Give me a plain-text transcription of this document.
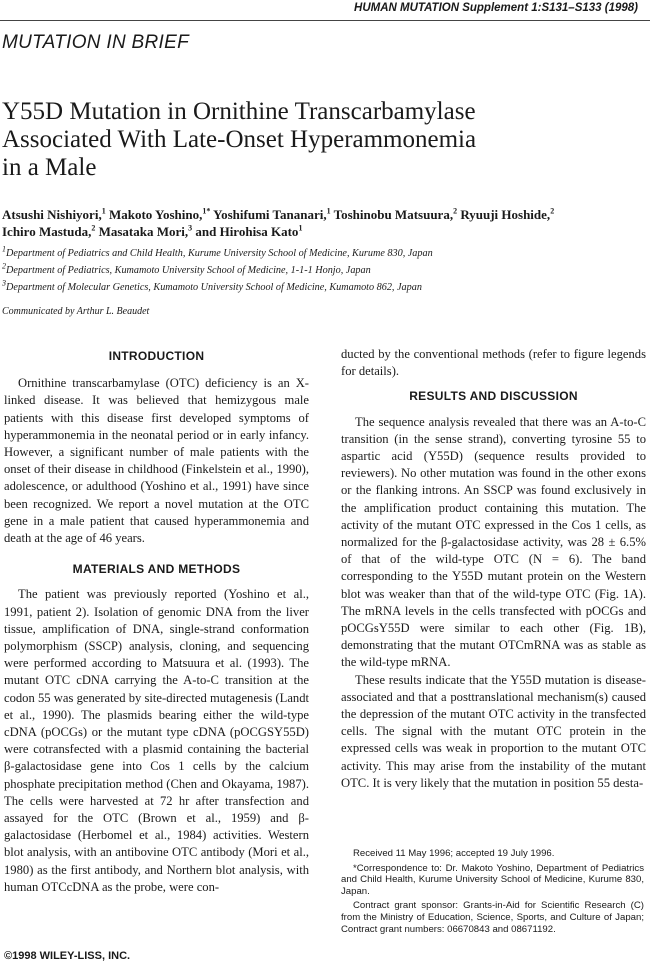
HUMAN MUTATION Supplement 1:S131–S133 (1998)
MUTATION IN BRIEF
Y55D Mutation in Ornithine Transcarbamylase
Associated With Late-Onset Hyperammonemia
in a Male
Atsushi Nishiyori,$^1$ Makoto Yoshino,$^{1*}$ Yoshifumi Tananari,$^1$ Toshinobu Matsuura,$^2$ Ryuuji Hoshide,$^2$
Ichiro Mastuda,$^2$ Masataka Mori,$^3$ and Hirohisa Kato$^1$
$^1$Department of Pediatrics and Child Health, Kurume University School of Medicine, Kurume 830, Japan
$^2$Department of Pediatrics, Kumamoto University School of Medicine, 1-1-1 Honjo, Japan
$^3$Department of Molecular Genetics, Kumamoto University School of Medicine, Kumamoto 862, Japan
Communicated by Arthur L. Beaudet
INTRODUCTION

Ornithine transcarbamylase (OTC) deficiency is an X-linked disease. It was believed that hemizygous male patients with this disease first developed symptoms of hyperammonemia in the neonatal period or in early infancy. However, a significant number of male patients with the onset of their disease in childhood (Finkelstein et al., 1990), adolescence, or adulthood (Yoshino et al., 1991) have since been recognized. We report a novel mutation at the OTC gene in a male patient that caused hyperammonemia and death at the age of 46 years.

MATERIALS AND METHODS

The patient was previously reported (Yoshino et al., 1991, patient 2). Isolation of genomic DNA from the liver tissue, amplification of DNA, single-strand conformation polymorphism (SSCP) analysis, cloning, and sequencing were performed according to Matsuura et al. (1993). The mutant OTC cDNA carrying the A-to-C transition at the codon 55 was generated by site-directed mutagenesis (Landt et al., 1990). The plasmids bearing either the wild-type cDNA (pOCGs) or the mutant type cDNA (pOCGSY55D) were cotransfected with a plasmid containing the bacterial β-galactosidase gene into Cos 1 cells by the calcium phosphate precipitation method (Chen and Okayama, 1987). The cells were harvested at 72 hr after transfection and assayed for the OTC (Brown et al., 1959) and β-galactosidase (Herbomel et al., 1984) activities. Western blot analysis, with an antibovine OTC antibody (Mori et al., 1980) as the first antibody, and Northern blot analysis, with human OTCcDNA as the probe, were con-

ducted by the conventional methods (refer to figure legends for details).

RESULTS AND DISCUSSION

The sequence analysis revealed that there was an A-to-C transition (in the sense strand), converting tyrosine 55 to aspartic acid (Y55D) (sequence results provided to reviewers). No other mutation was found in the other exons or the flanking introns. An SSCP was found exclusively in the amplification product containing this mutation. The activity of the mutant OTC expressed in the Cos 1 cells, as normalized for the β-galactosidase activity, was 28 ± 6.5% of that of the wild-type OTC (N = 6). The band corresponding to the Y55D mutant protein on the Western blot was weaker than that of the wild-type OTC (Fig. 1A). The mRNA levels in the cells transfected with pOCGs and pOCGsY55D were similar to each other (Fig. 1B), demonstrating that the mutant OTCmRNA was as stable as the wild-type mRNA.

These results indicate that the Y55D mutation is disease-associated and that a posttranslational mechanism(s) caused the depression of the mutant OTC activity in the transfected cells. The signal with the mutant OTC protein in the expressed cells was weak in proportion to the mutant OTC activity. This may arise from the instability of the mutant OTC. It is very likely that the mutation in position 55 desta-

Received 11 May 1996; accepted 19 July 1996.

*Correspondence to: Dr. Makoto Yoshino, Department of Pediatrics and Child Health, Kurume University School of Medicine, Kurume 830, Japan.

Contract grant sponsor: Grants-in-Aid for Scientific Research (C) from the Ministry of Education, Science, Sports, and Culture of Japan; Contract grant numbers: 06670843 and 08671192.

©1998 WILEY-LISS, INC.
